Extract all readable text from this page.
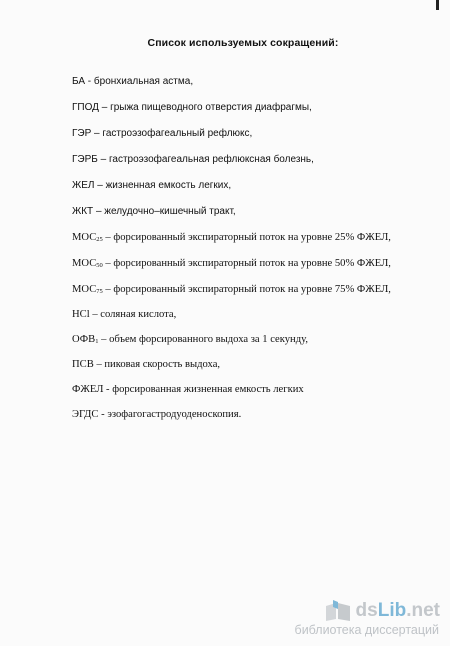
Список используемых сокращений:
БА - бронхиальная астма,
ГПОД – грыжа пищеводного отверстия диафрагмы,
ГЭР – гастроэзофагеальный рефлюкс,
ГЭРБ – гастроэзофагеальная рефлюксная болезнь,
ЖЕЛ – жизненная емкость легких,
ЖКТ – желудочно–кишечный тракт,
$МОС_{25}$ – форсированный экспираторный поток на уровне 25% ФЖЕЛ,
$МОС_{50}$ – форсированный экспираторный поток на уровне 50% ФЖЕЛ,
$МОС_{75}$ – форсированный экспираторный поток на уровне 75% ФЖЕЛ,
НСl – соляная кислота,
$ОФВ_1$ – объем форсированного выдоха за 1 секунду,
ПСВ – пиковая скорость выдоха,
ФЖЕЛ - форсированная жизненная емкость легких
ЭГДС - эзофагогастродуоденоскопия.
ds Lib .net
библиотека диссертаций
